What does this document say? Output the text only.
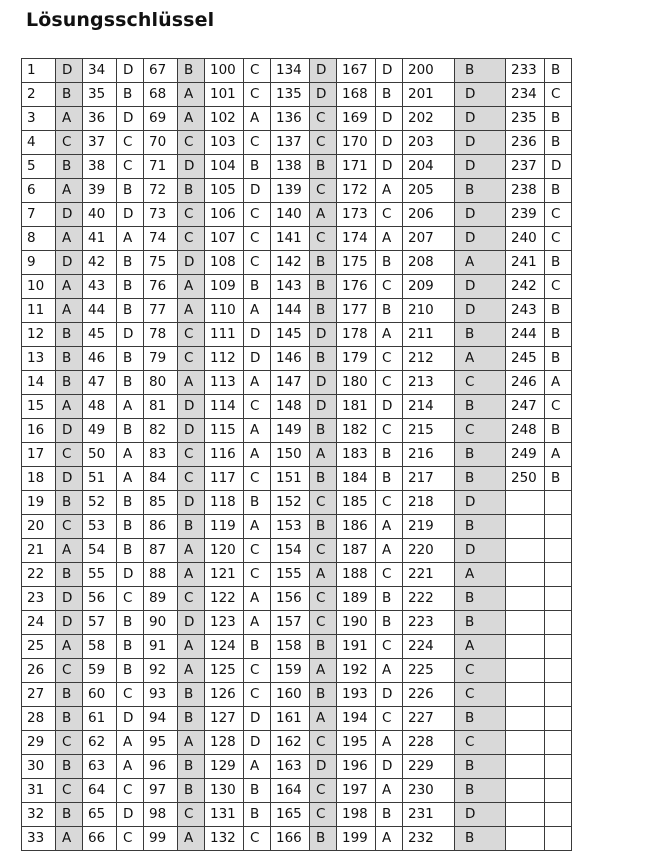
Lösungsschlüssel
1	D	34	D	67	B	100	C	134	D	167	D	200	B	233	B
2	B	35	B	68	A	101	C	135	D	168	B	201	D	234	C
3	A	36	D	69	A	102	A	136	C	169	D	202	D	235	B
4	C	37	C	70	C	103	C	137	C	170	D	203	D	236	B
5	B	38	C	71	D	104	B	138	B	171	D	204	D	237	D
6	A	39	B	72	B	105	D	139	C	172	A	205	B	238	B
7	D	40	D	73	C	106	C	140	A	173	C	206	D	239	C
8	A	41	A	74	C	107	C	141	C	174	A	207	D	240	C
9	D	42	B	75	D	108	C	142	B	175	B	208	A	241	B
10	A	43	B	76	A	109	B	143	B	176	C	209	D	242	C
11	A	44	B	77	A	110	A	144	B	177	B	210	D	243	B
12	B	45	D	78	C	111	D	145	D	178	A	211	B	244	B
13	B	46	B	79	C	112	D	146	B	179	C	212	A	245	B
14	B	47	B	80	A	113	A	147	D	180	C	213	C	246	A
15	A	48	A	81	D	114	C	148	D	181	D	214	B	247	C
16	D	49	B	82	D	115	A	149	B	182	C	215	C	248	B
17	C	50	A	83	C	116	A	150	A	183	B	216	B	249	A
18	D	51	A	84	C	117	C	151	B	184	B	217	B	250	B
19	B	52	B	85	D	118	B	152	C	185	C	218	D		
20	C	53	B	86	B	119	A	153	B	186	A	219	B		
21	A	54	B	87	A	120	C	154	C	187	A	220	D		
22	B	55	D	88	A	121	C	155	A	188	C	221	A		
23	D	56	C	89	C	122	A	156	C	189	B	222	B		
24	D	57	B	90	D	123	A	157	C	190	B	223	B		
25	A	58	B	91	A	124	B	158	B	191	C	224	A		
26	C	59	B	92	A	125	C	159	A	192	A	225	C		
27	B	60	C	93	B	126	C	160	B	193	D	226	C		
28	B	61	D	94	B	127	D	161	A	194	C	227	B		
29	C	62	A	95	A	128	D	162	C	195	A	228	C		
30	B	63	A	96	B	129	A	163	D	196	D	229	B		
31	C	64	C	97	B	130	B	164	C	197	A	230	B		
32	B	65	D	98	C	131	B	165	C	198	B	231	D		
33	A	66	C	99	A	132	C	166	B	199	A	232	B		
